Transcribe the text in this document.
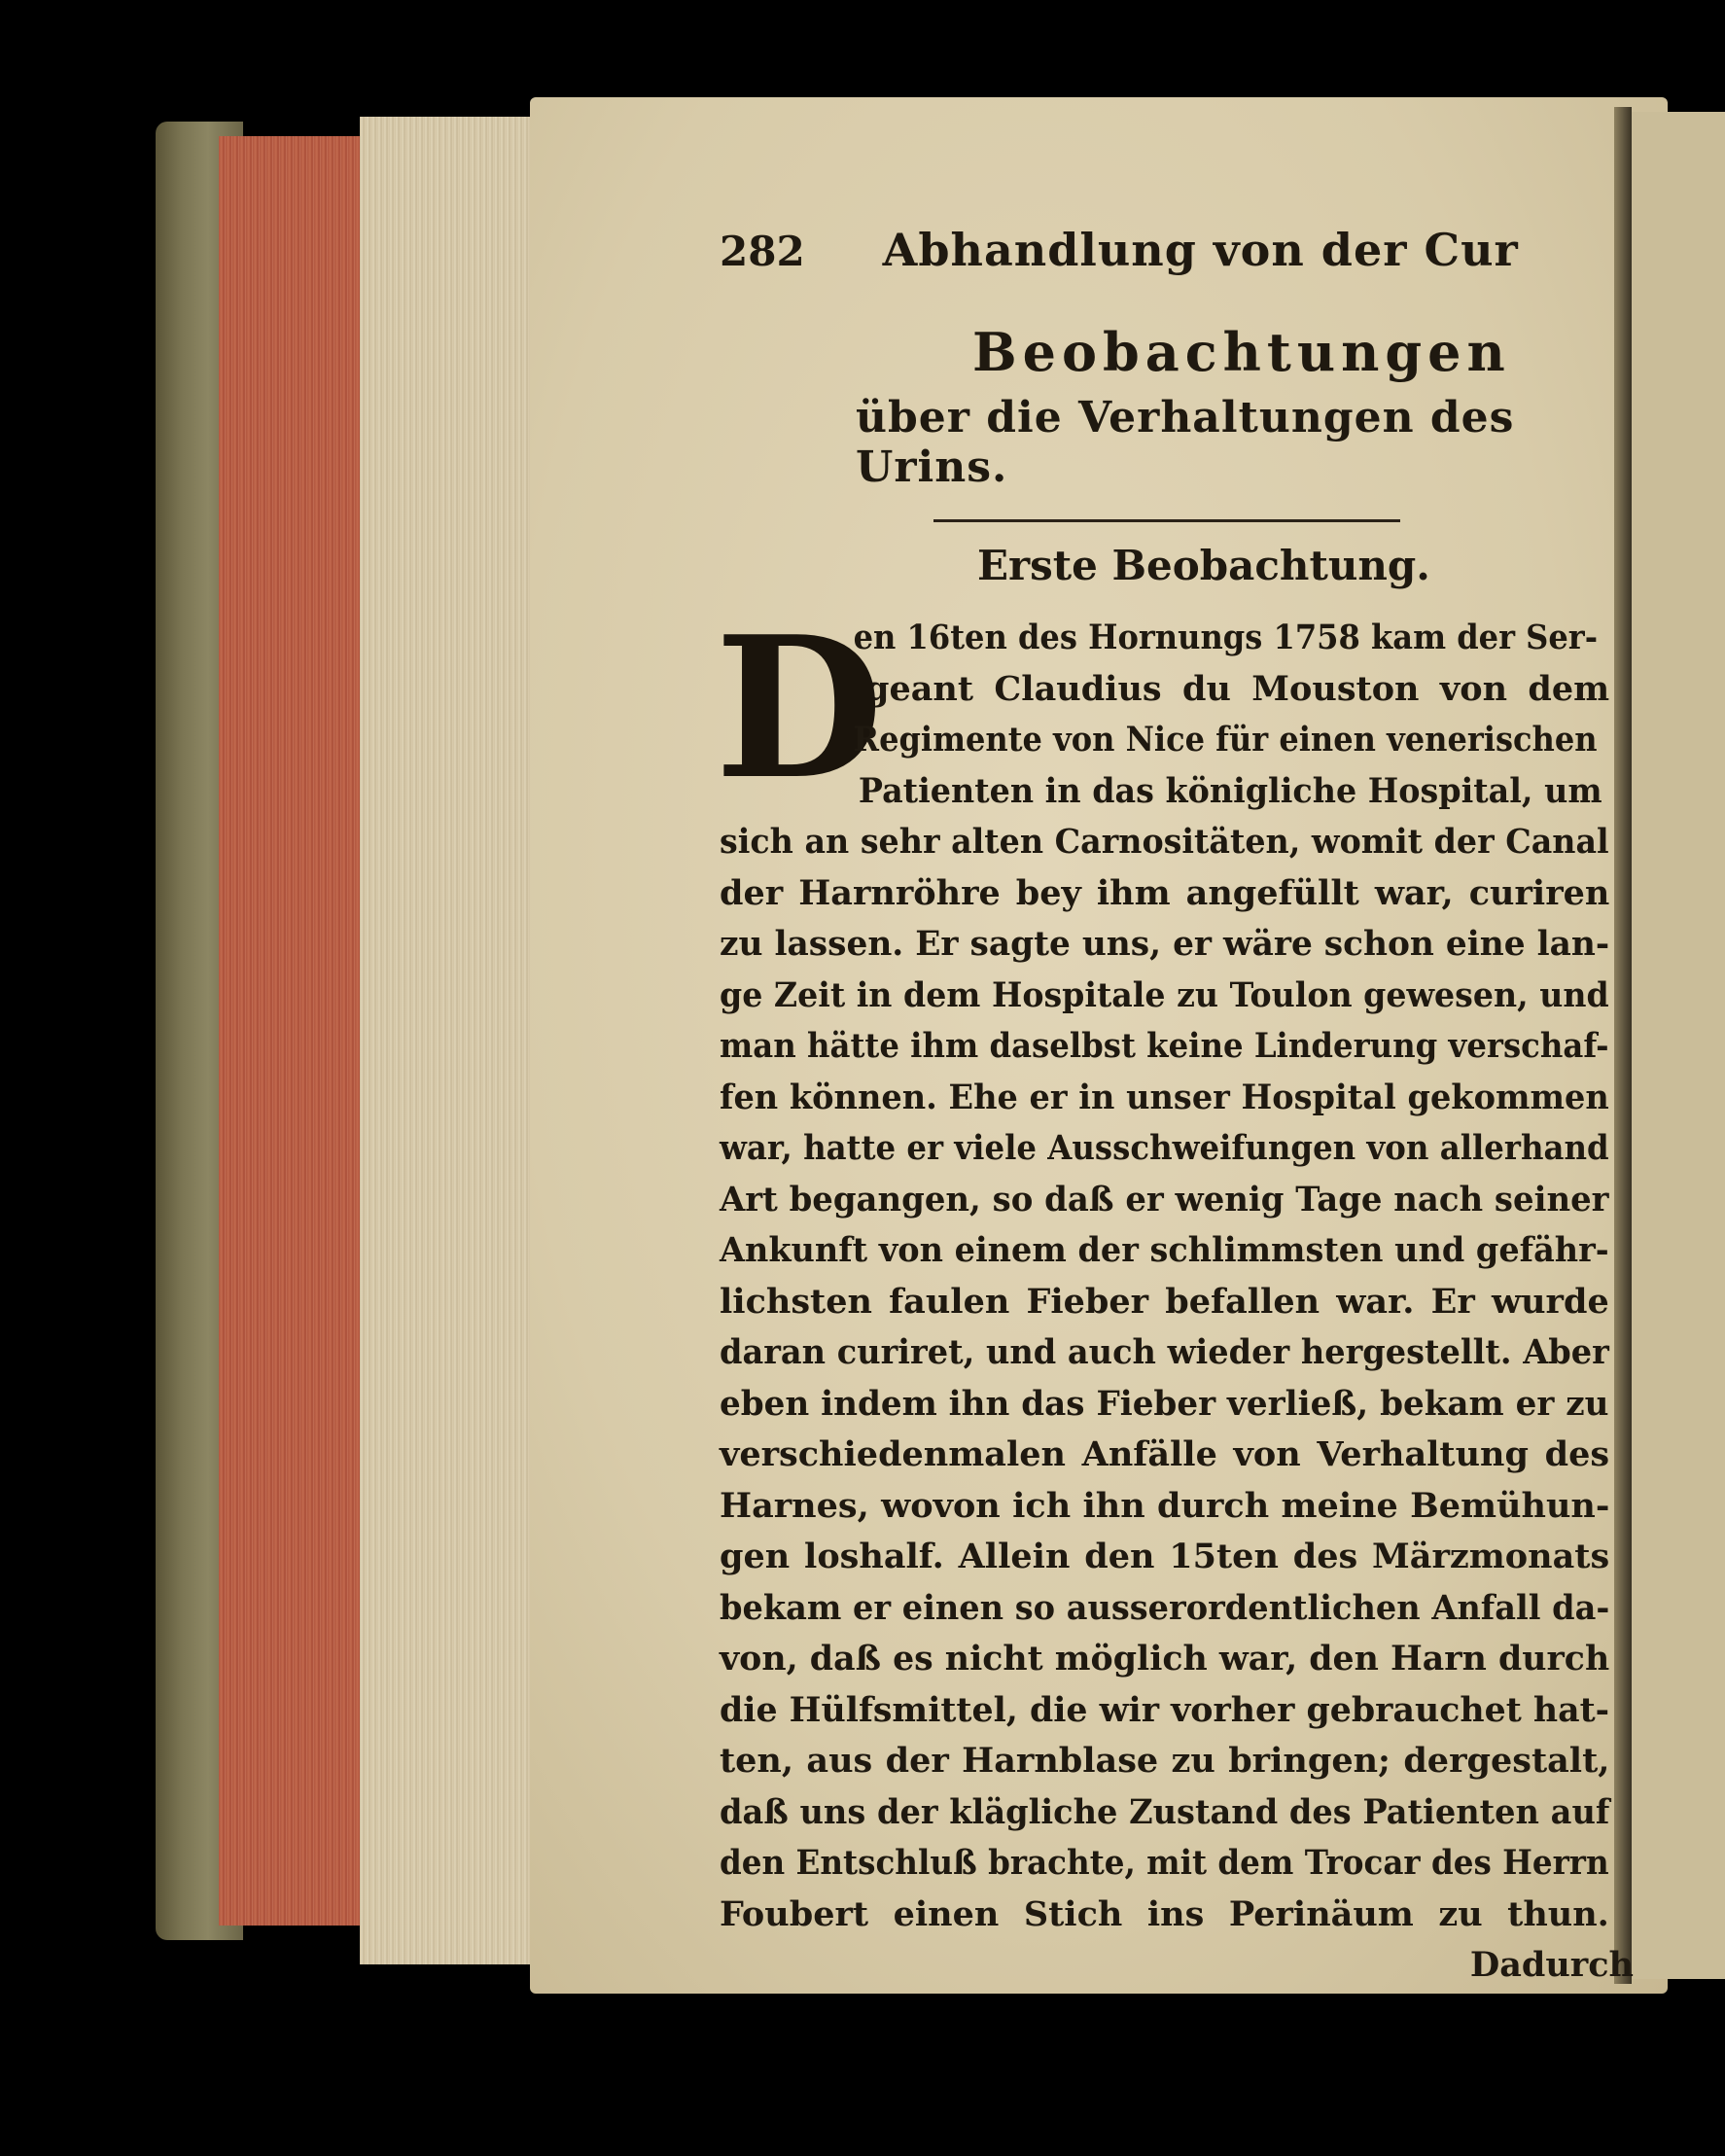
282 Abhandlung von der Cur
Beobachtungen
über die Verhaltungen des Urins.
Erste Beobachtung.
D
en 16ten des Hornungs 1758 kam der Ser-
geant Claudius du Mouston von dem
Regimente von Nice für einen venerischen
Patienten in das königliche Hospital, um
sich an sehr alten Carnositäten, womit der Canal
der Harnröhre bey ihm angefüllt war, curiren
zu lassen. Er sagte uns, er wäre schon eine lan-
ge Zeit in dem Hospitale zu Toulon gewesen, und
man hätte ihm daselbst keine Linderung verschaf-
fen können. Ehe er in unser Hospital gekommen
war, hatte er viele Ausschweifungen von allerhand
Art begangen, so daß er wenig Tage nach seiner
Ankunft von einem der schlimmsten und gefähr-
lichsten faulen Fieber befallen war. Er wurde
daran curiret, und auch wieder hergestellt. Aber
eben indem ihn das Fieber verließ, bekam er zu
verschiedenmalen Anfälle von Verhaltung des
Harnes, wovon ich ihn durch meine Bemühun-
gen loshalf. Allein den 15ten des Märzmonats
bekam er einen so ausserordentlichen Anfall da-
von, daß es nicht möglich war, den Harn durch
die Hülfsmittel, die wir vorher gebrauchet hat-
ten, aus der Harnblase zu bringen; dergestalt,
daß uns der klägliche Zustand des Patienten auf
den Entschluß brachte, mit dem Trocar des Herrn
Foubert einen Stich ins Perinäum zu thun.
Dadurch
